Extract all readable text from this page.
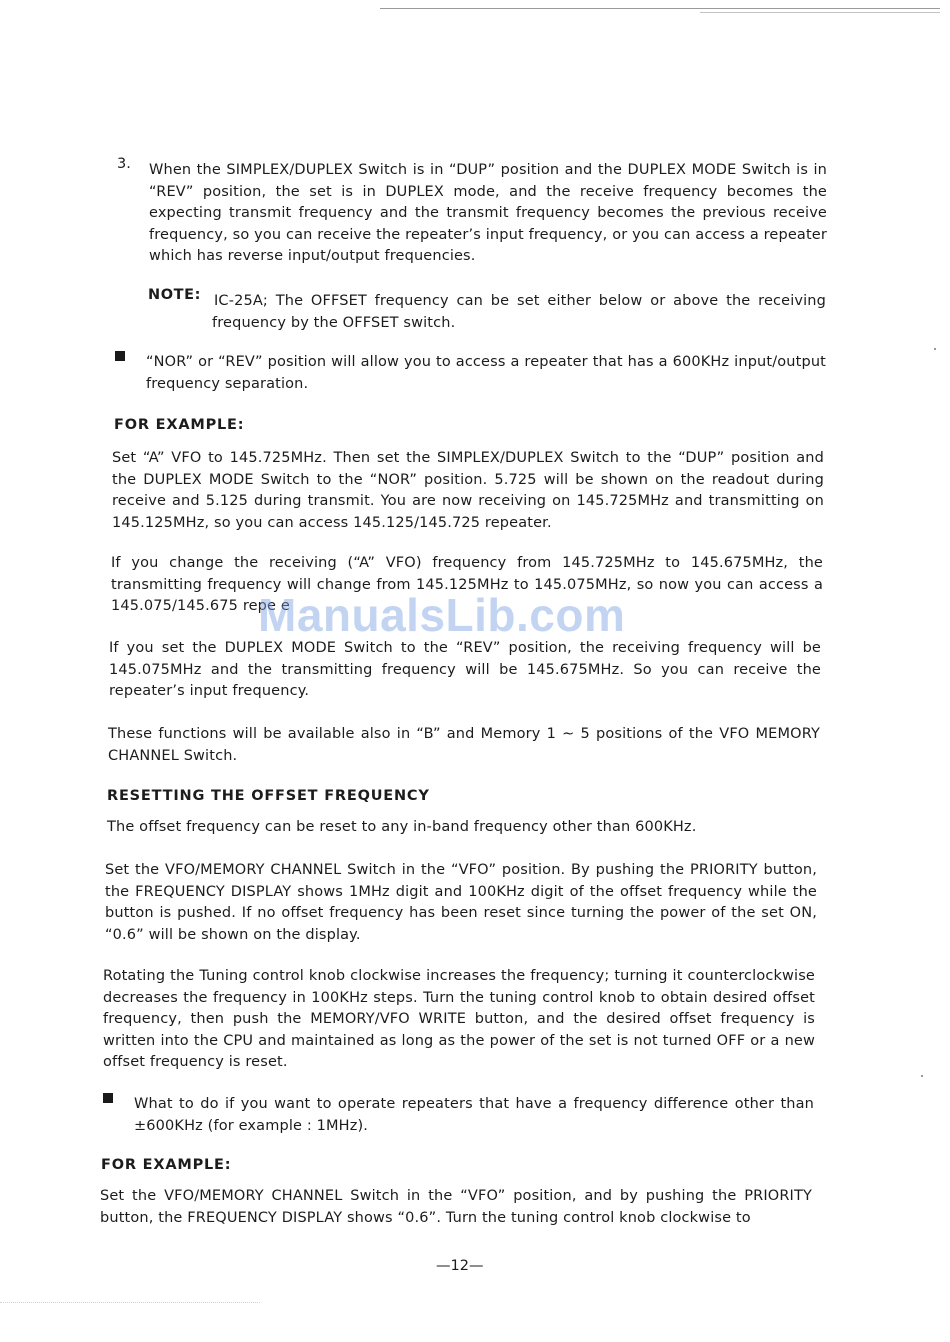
3. When the SIMPLEX/DUPLEX Switch is in “DUP” position and the DUPLEX MODE Switch is in “REV” position, the set is in DUPLEX mode, and the receive frequency becomes the expecting transmit frequency and the transmit frequency becomes the previous receive frequency, so you can receive the repeater’s input frequency, or you can access a repeater which has reverse input/output frequencies.
NOTE: IC-25A; The OFFSET frequency can be set either below or above the receiving frequency by the OFFSET switch.
“NOR” or “REV” position will allow you to access a repeater that has a 600KHz input/output frequency separation.
FOR EXAMPLE:
Set “A” VFO to 145.725MHz. Then set the SIMPLEX/DUPLEX Switch to the “DUP” position and the DUPLEX MODE Switch to the “NOR” position. 5.725 will be shown on the readout during receive and 5.125 during transmit. You are now receiving on 145.725MHz and transmitting on 145.125MHz, so you can access 145.125/145.725 repeater.
If you change the receiving (“A” VFO) frequency from 145.725MHz to 145.675MHz, the transmitting frequency will change from 145.125MHz to 145.075MHz, so now you can access a 145.075/145.675 repe e
If you set the DUPLEX MODE Switch to the “REV” position, the receiving frequency will be 145.075MHz and the transmitting frequency will be 145.675MHz. So you can receive the repeater’s input frequency.
These functions will be available also in “B” and Memory 1 ∼ 5 positions of the VFO MEMORY CHANNEL Switch.
RESETTING THE OFFSET FREQUENCY
The offset frequency can be reset to any in-band frequency other than 600KHz.
Set the VFO/MEMORY CHANNEL Switch in the “VFO” position. By pushing the PRIORITY button, the FREQUENCY DISPLAY shows 1MHz digit and 100KHz digit of the offset frequency while the button is pushed. If no offset frequency has been reset since turning the power of the set ON, “0.6” will be shown on the display.
Rotating the Tuning control knob clockwise increases the frequency; turning it counterclockwise decreases the frequency in 100KHz steps. Turn the tuning control knob to obtain desired offset frequency, then push the MEMORY/VFO WRITE button, and the desired offset frequency is written into the CPU and maintained as long as the power of the set is not turned OFF or a new offset frequency is reset.
What to do if you want to operate repeaters that have a frequency difference other than ±600KHz (for example : 1MHz).
FOR EXAMPLE:
Set the VFO/MEMORY CHANNEL Switch in the “VFO” position, and by pushing the PRIORITY button, the FREQUENCY DISPLAY shows “0.6”. Turn the tuning control knob clockwise to
—12—
ManualsLib.com
